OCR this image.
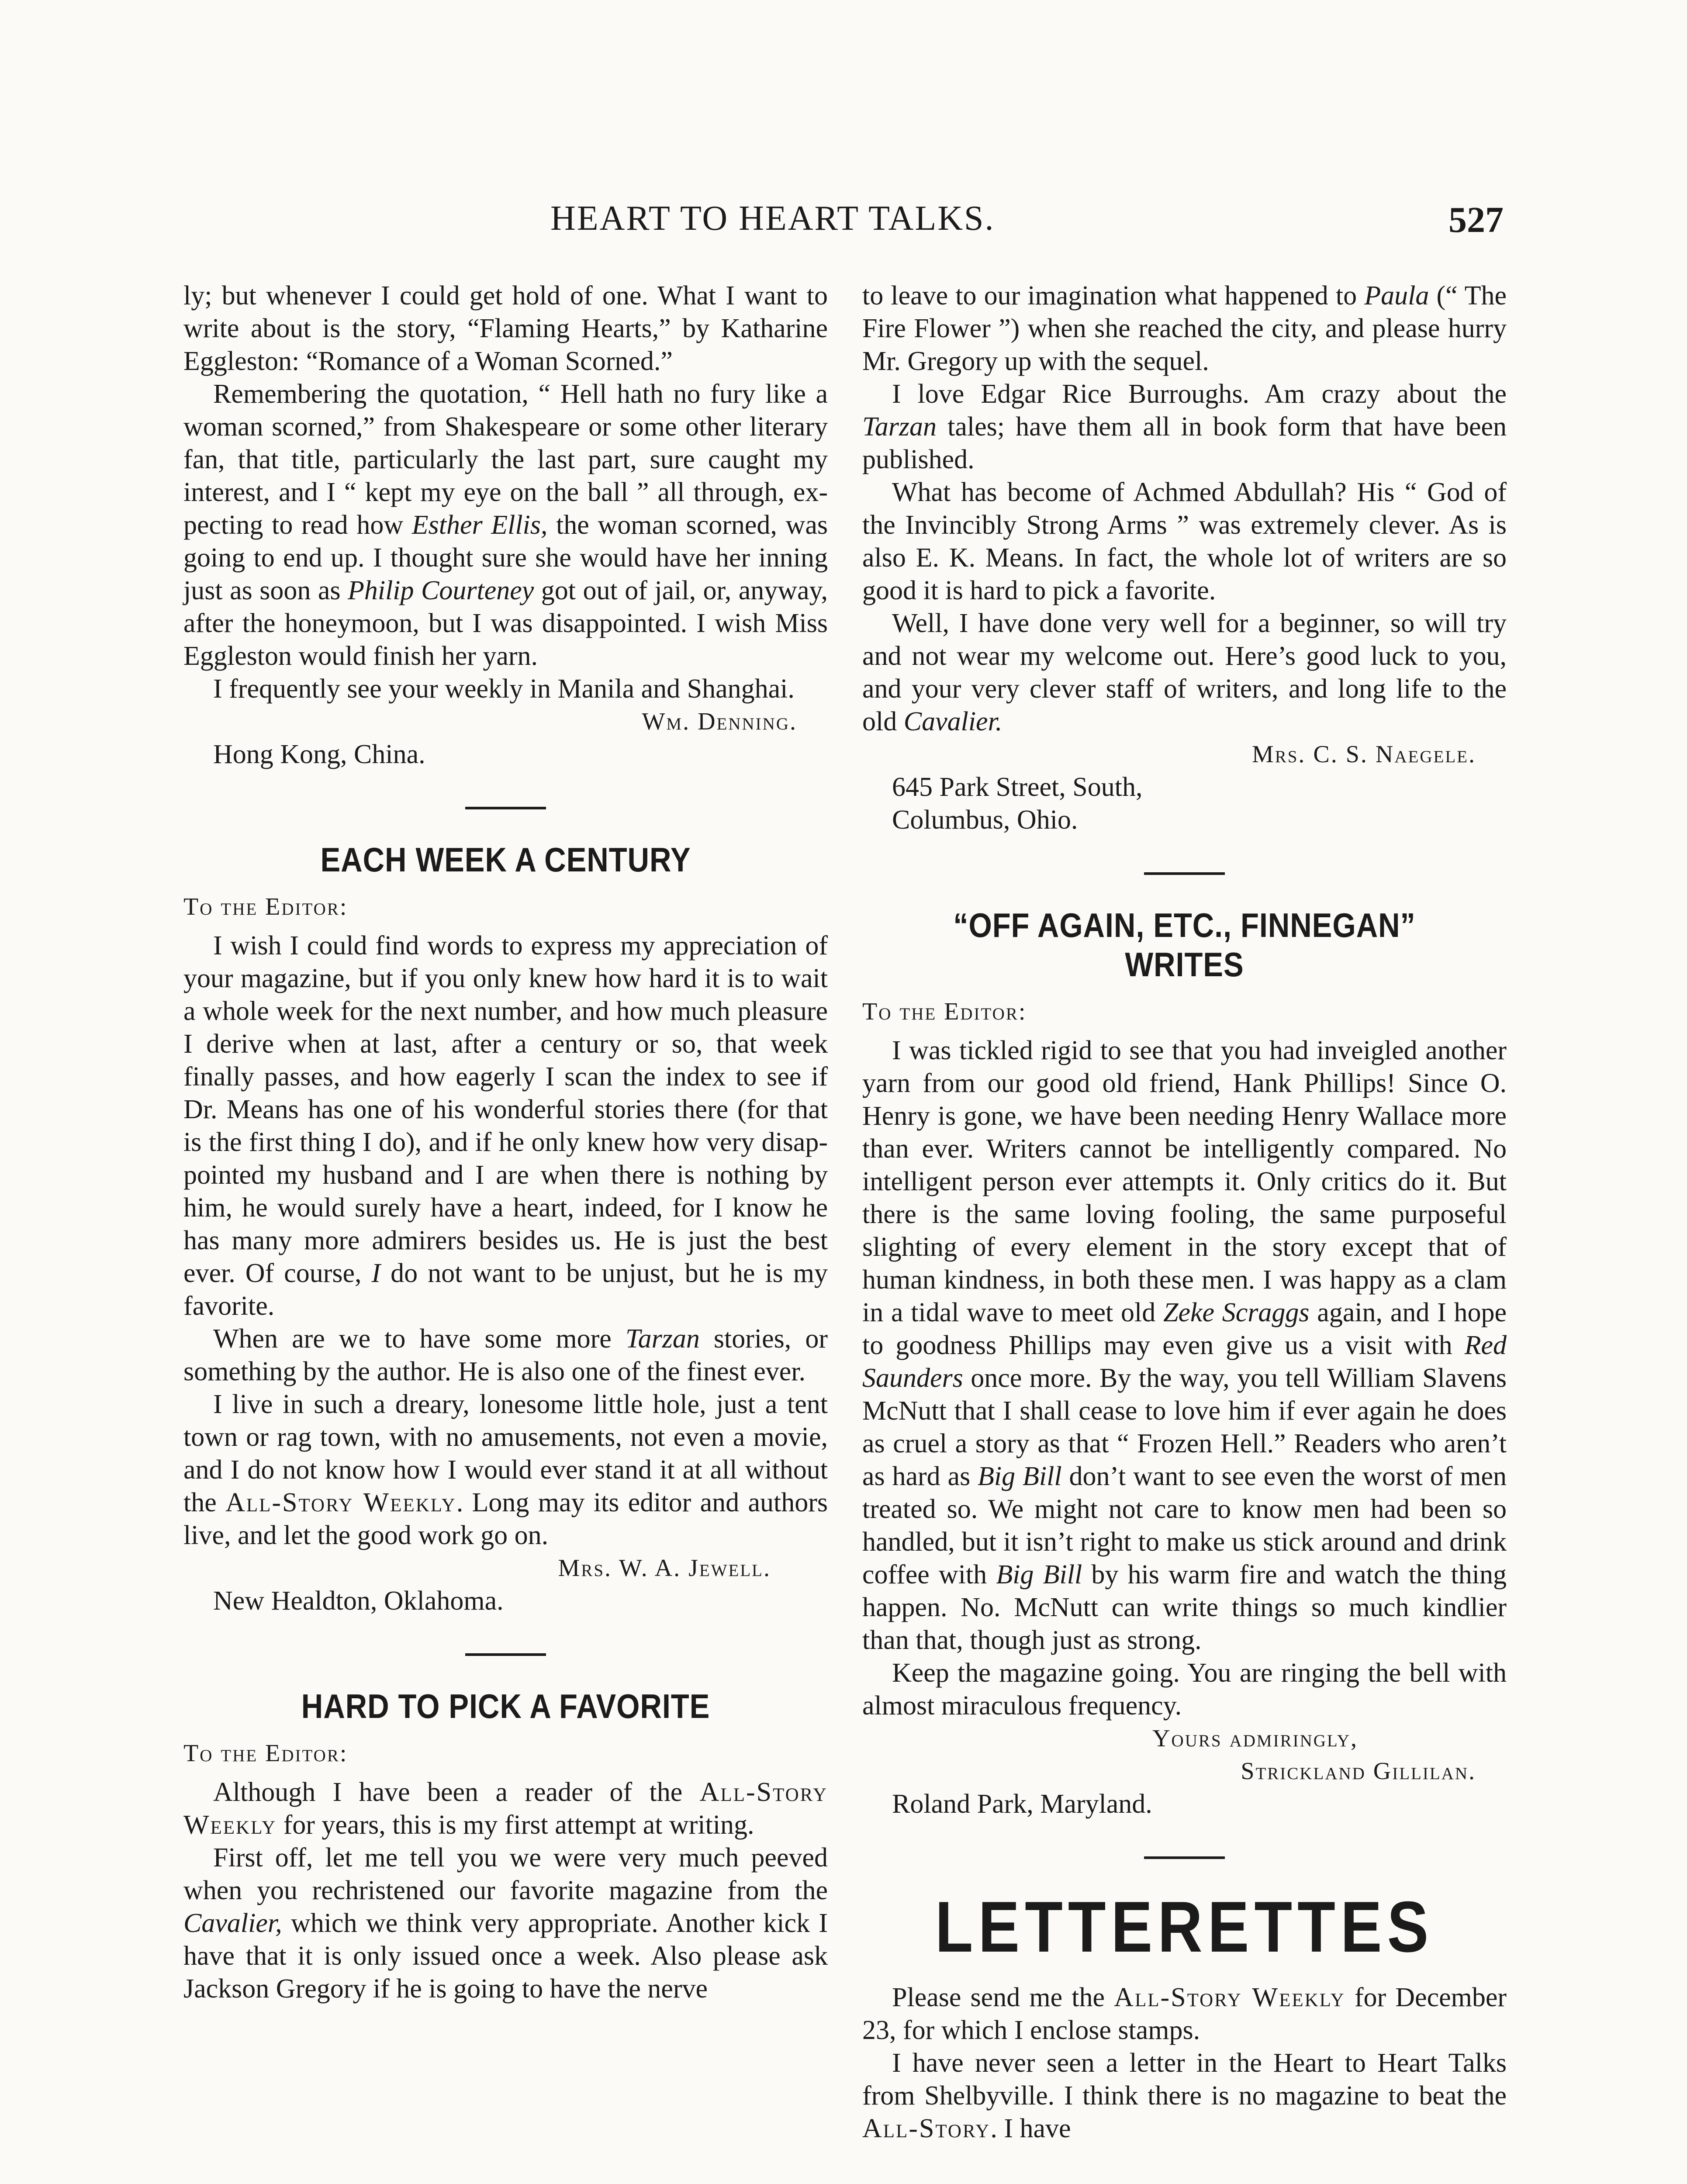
HEART TO HEART TALKS.	527

ly; but whenever I could get hold of one. What I want to write about is the story, “Flaming Hearts,” by Katharine Eggleston: “Romance of a Woman Scorned.”

Remembering the quotation, “ Hell hath no fury like a woman scorned,” from Shakespeare or some other literary fan, that title, particularly the last part, sure caught my interest, and I “ kept my eye on the ball ” all through, expecting to read how Esther Ellis, the woman scorned, was going to end up. I thought sure she would have her inning just as soon as Philip Courteney got out of jail, or, anyway, after the honeymoon, but I was disappointed. I wish Miss Eggleston would finish her yarn.

I frequently see your weekly in Manila and Shanghai.

Wm. Denning.
Hong Kong, China.
EACH WEEK A CENTURY
To the Editor:

I wish I could find words to express my appreciation of your magazine, but if you only knew how hard it is to wait a whole week for the next number, and how much pleasure I derive when at last, after a century or so, that week finally passes, and how eagerly I scan the index to see if Dr. Means has one of his wonderful stories there (for that is the first thing I do), and if he only knew how very disappointed my husband and I are when there is nothing by him, he would surely have a heart, indeed, for I know he has many more admirers besides us. He is just the best ever. Of course, I do not want to be unjust, but he is my favorite.

When are we to have some more Tarzan stories, or something by the author. He is also one of the finest ever.

I live in such a dreary, lonesome little hole, just a tent town or rag town, with no amusements, not even a movie, and I do not know how I would ever stand it at all without the All-Story Weekly. Long may its editor and authors live, and let the good work go on.

Mrs. W. A. Jewell.
New Healdton, Oklahoma.
HARD TO PICK A FAVORITE
To the Editor:

Although I have been a reader of the All-Story Weekly for years, this is my first attempt at writing.

First off, let me tell you we were very much peeved when you rechristened our favorite magazine from the Cavalier, which we think very appropriate. Another kick I have that it is only issued once a week. Also please ask Jackson Gregory if he is going to have the nerve

to leave to our imagination what happened to Paula (“ The Fire Flower ”) when she reached the city, and please hurry Mr. Gregory up with the sequel.

I love Edgar Rice Burroughs. Am crazy about the Tarzan tales; have them all in book form that have been published.

What has become of Achmed Abdullah? His “ God of the Invincibly Strong Arms ” was extremely clever. As is also E. K. Means. In fact, the whole lot of writers are so good it is hard to pick a favorite.

Well, I have done very well for a beginner, so will try and not wear my welcome out. Here’s good luck to you, and your very clever staff of writers, and long life to the old Cavalier.

Mrs. C. S. Naegele.
645 Park Street, South,
Columbus, Ohio.
“OFF AGAIN, ETC., FINNEGAN” WRITES
To the Editor:

I was tickled rigid to see that you had inveigled another yarn from our good old friend, Hank Phillips! Since O. Henry is gone, we have been needing Henry Wallace more than ever. Writers cannot be intelligently compared. No intelligent person ever attempts it. Only critics do it. But there is the same loving fooling, the same purposeful slighting of every element in the story except that of human kindness, in both these men. I was happy as a clam in a tidal wave to meet old Zeke Scraggs again, and I hope to goodness Phillips may even give us a visit with Red Saunders once more. By the way, you tell William Slavens McNutt that I shall cease to love him if ever again he does as cruel a story as that “ Frozen Hell.” Readers who aren’t as hard as Big Bill don’t want to see even the worst of men treated so. We might not care to know men had been so handled, but it isn’t right to make us stick around and drink coffee with Big Bill by his warm fire and watch the thing happen. No. McNutt can write things so much kindlier than that, though just as strong.

Keep the magazine going. You are ringing the bell with almost miraculous frequency.

Yours admiringly,
Strickland Gillilan.
Roland Park, Maryland.
LETTERETTES

Please send me the All-Story Weekly for December 23, for which I enclose stamps.

I have never seen a letter in the Heart to Heart Talks from Shelbyville. I think there is no magazine to beat the All-Story. I have
